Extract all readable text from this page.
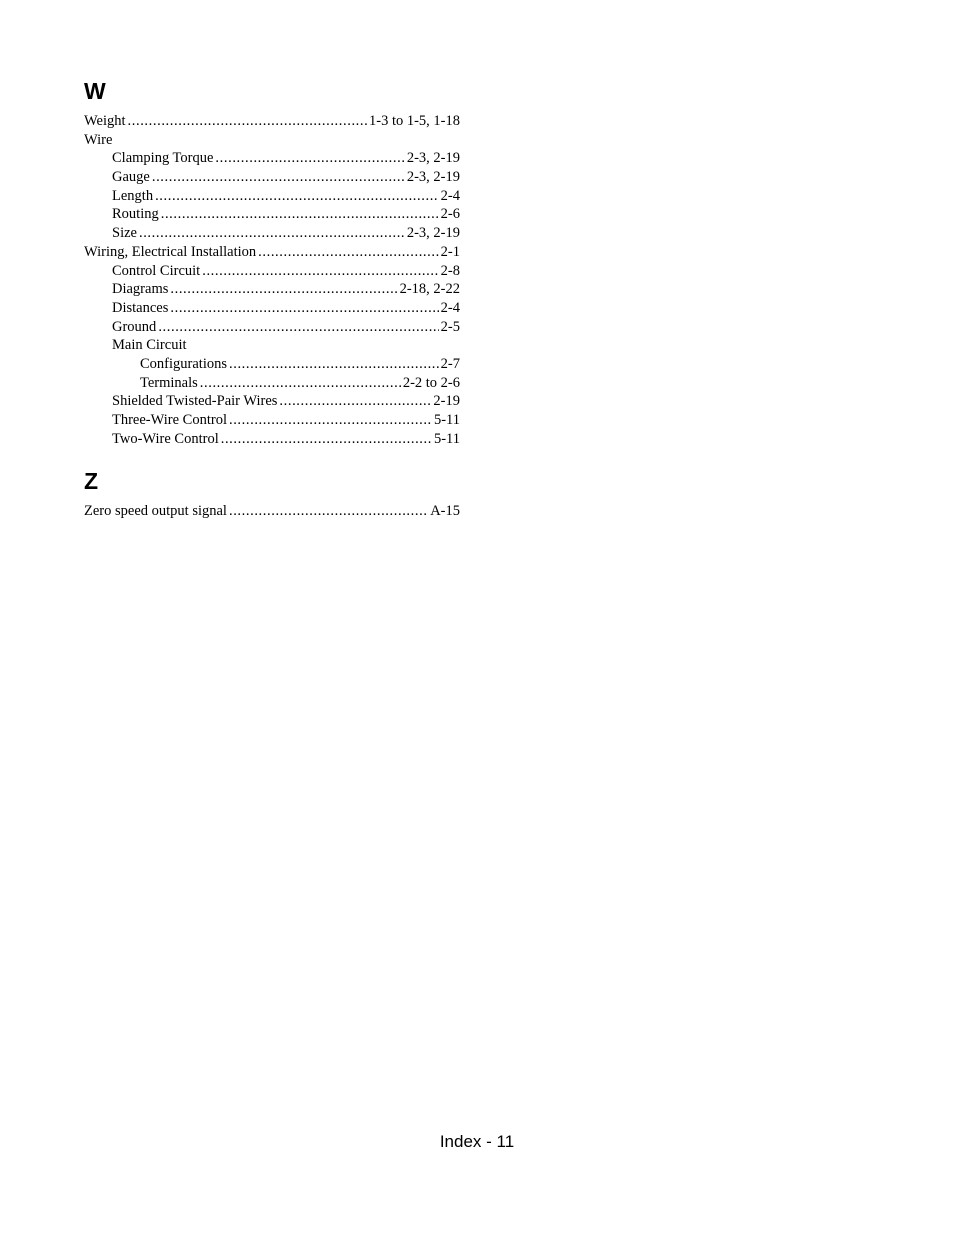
W
Weight .....	1-3 to 1-5, 1-18
Wire
Clamping Torque .....	2-3, 2-19
Gauge .....	2-3, 2-19
Length .....	2-4
Routing .....	2-6
Size .....	2-3, 2-19
Wiring, Electrical Installation .....	2-1
Control Circuit .....	2-8
Diagrams .....	2-18, 2-22
Distances .....	2-4
Ground .....	2-5
Main Circuit
Configurations .....	2-7
Terminals .....	2-2 to 2-6
Shielded Twisted-Pair Wires .....	2-19
Three-Wire Control .....	5-11
Two-Wire Control .....	5-11
Z
Zero speed output signal .....	A-15
Index - 11
